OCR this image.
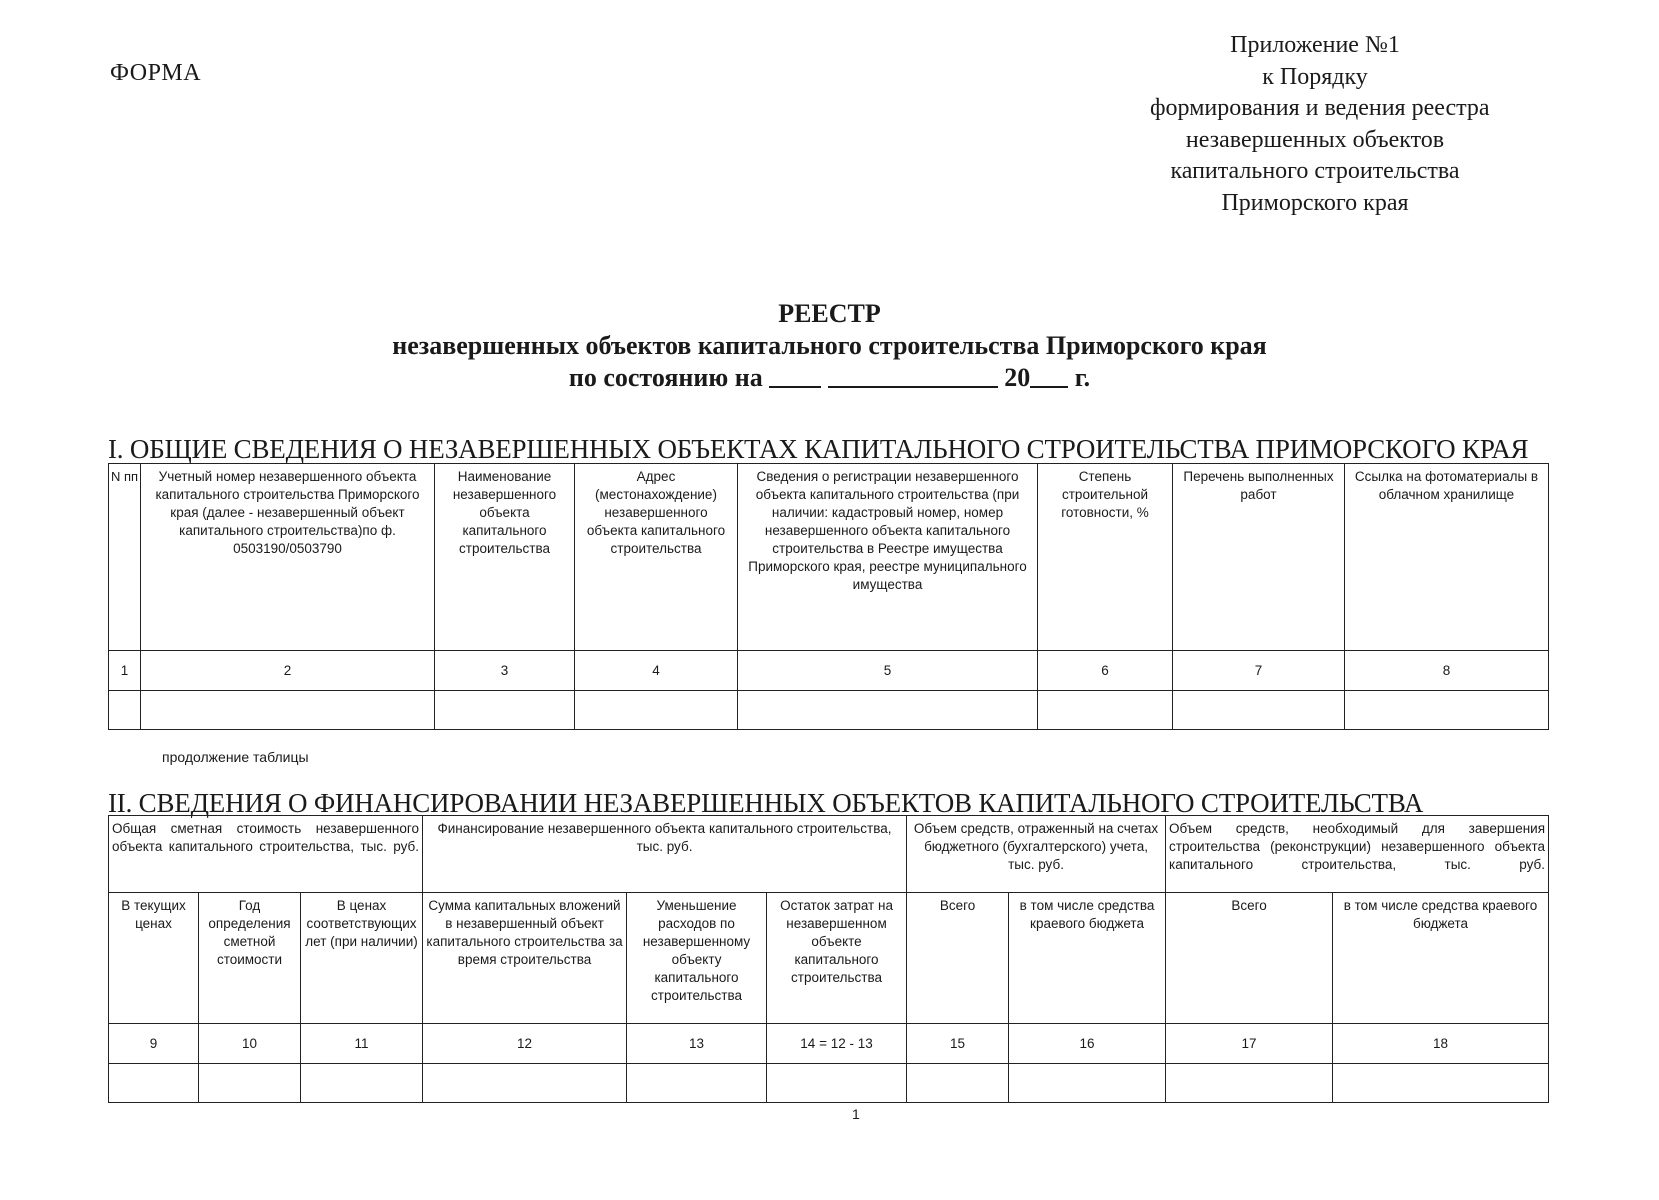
ФОРМА
Приложение №1
к Порядку
формирования и ведения реестра
незавершенных объектов
капитального строительства
Приморского края
РЕЕСТР
незавершенных объектов капитального строительства Приморского края
по состоянию на	20 г.
I. ОБЩИЕ СВЕДЕНИЯ О НЕЗАВЕРШЕННЫХ ОБЪЕКТАХ КАПИТАЛЬНОГО СТРОИТЕЛЬСТВА ПРИМОРСКОГО КРАЯ
N пп	Учетный номер незавершенного объекта капитального строительства Приморского края (далее - незавершенный объект капитального строительства)по ф. 0503190/0503790	Наименование незавершенного объекта капитального строительства	Адрес (местонахождение) незавершенного объекта капитального строительства	Сведения о регистрации незавершенного объекта капитального строительства (при наличии: кадастровый номер, номер незавершенного объекта капитального строительства в Реестре имущества Приморского края, реестре муниципального имущества	Степень строительной готовности, %	Перечень выполненных работ	Ссылка на фотоматериалы в облачном хранилище
1	2	3	4	5	6	7	8

продолжение таблицы
II. СВЕДЕНИЯ О ФИНАНСИРОВАНИИ НЕЗАВЕРШЕННЫХ ОБЪЕКТОВ КАПИТАЛЬНОГО СТРОИТЕЛЬСТВА
Общая сметная стоимость незавершенного объекта капитального строительства, тыс. руб.			Финансирование незавершенного объекта капитального строительства, тыс. руб.			Объем средств, отраженный на счетах бюджетного (бухгалтерского) учета, тыс. руб.		Объем средств, необходимый для завершения строительства (реконструкции) незавершенного объекта капитального строительства, тыс. руб.	
В текущих ценах	Год определения сметной стоимости	В ценах соответствующих лет (при наличии)	Сумма капитальных вложений в незавершенный объект капитального строительства за время строительства	Уменьшение расходов по незавершенному объекту капитального строительства	Остаток затрат на незавершенном объекте капитального строительства	Всего	в том числе средства краевого бюджета	Всего	в том числе средства краевого бюджета
9	10	11	12	13	14 = 12 - 13	15	16	17	18

1
